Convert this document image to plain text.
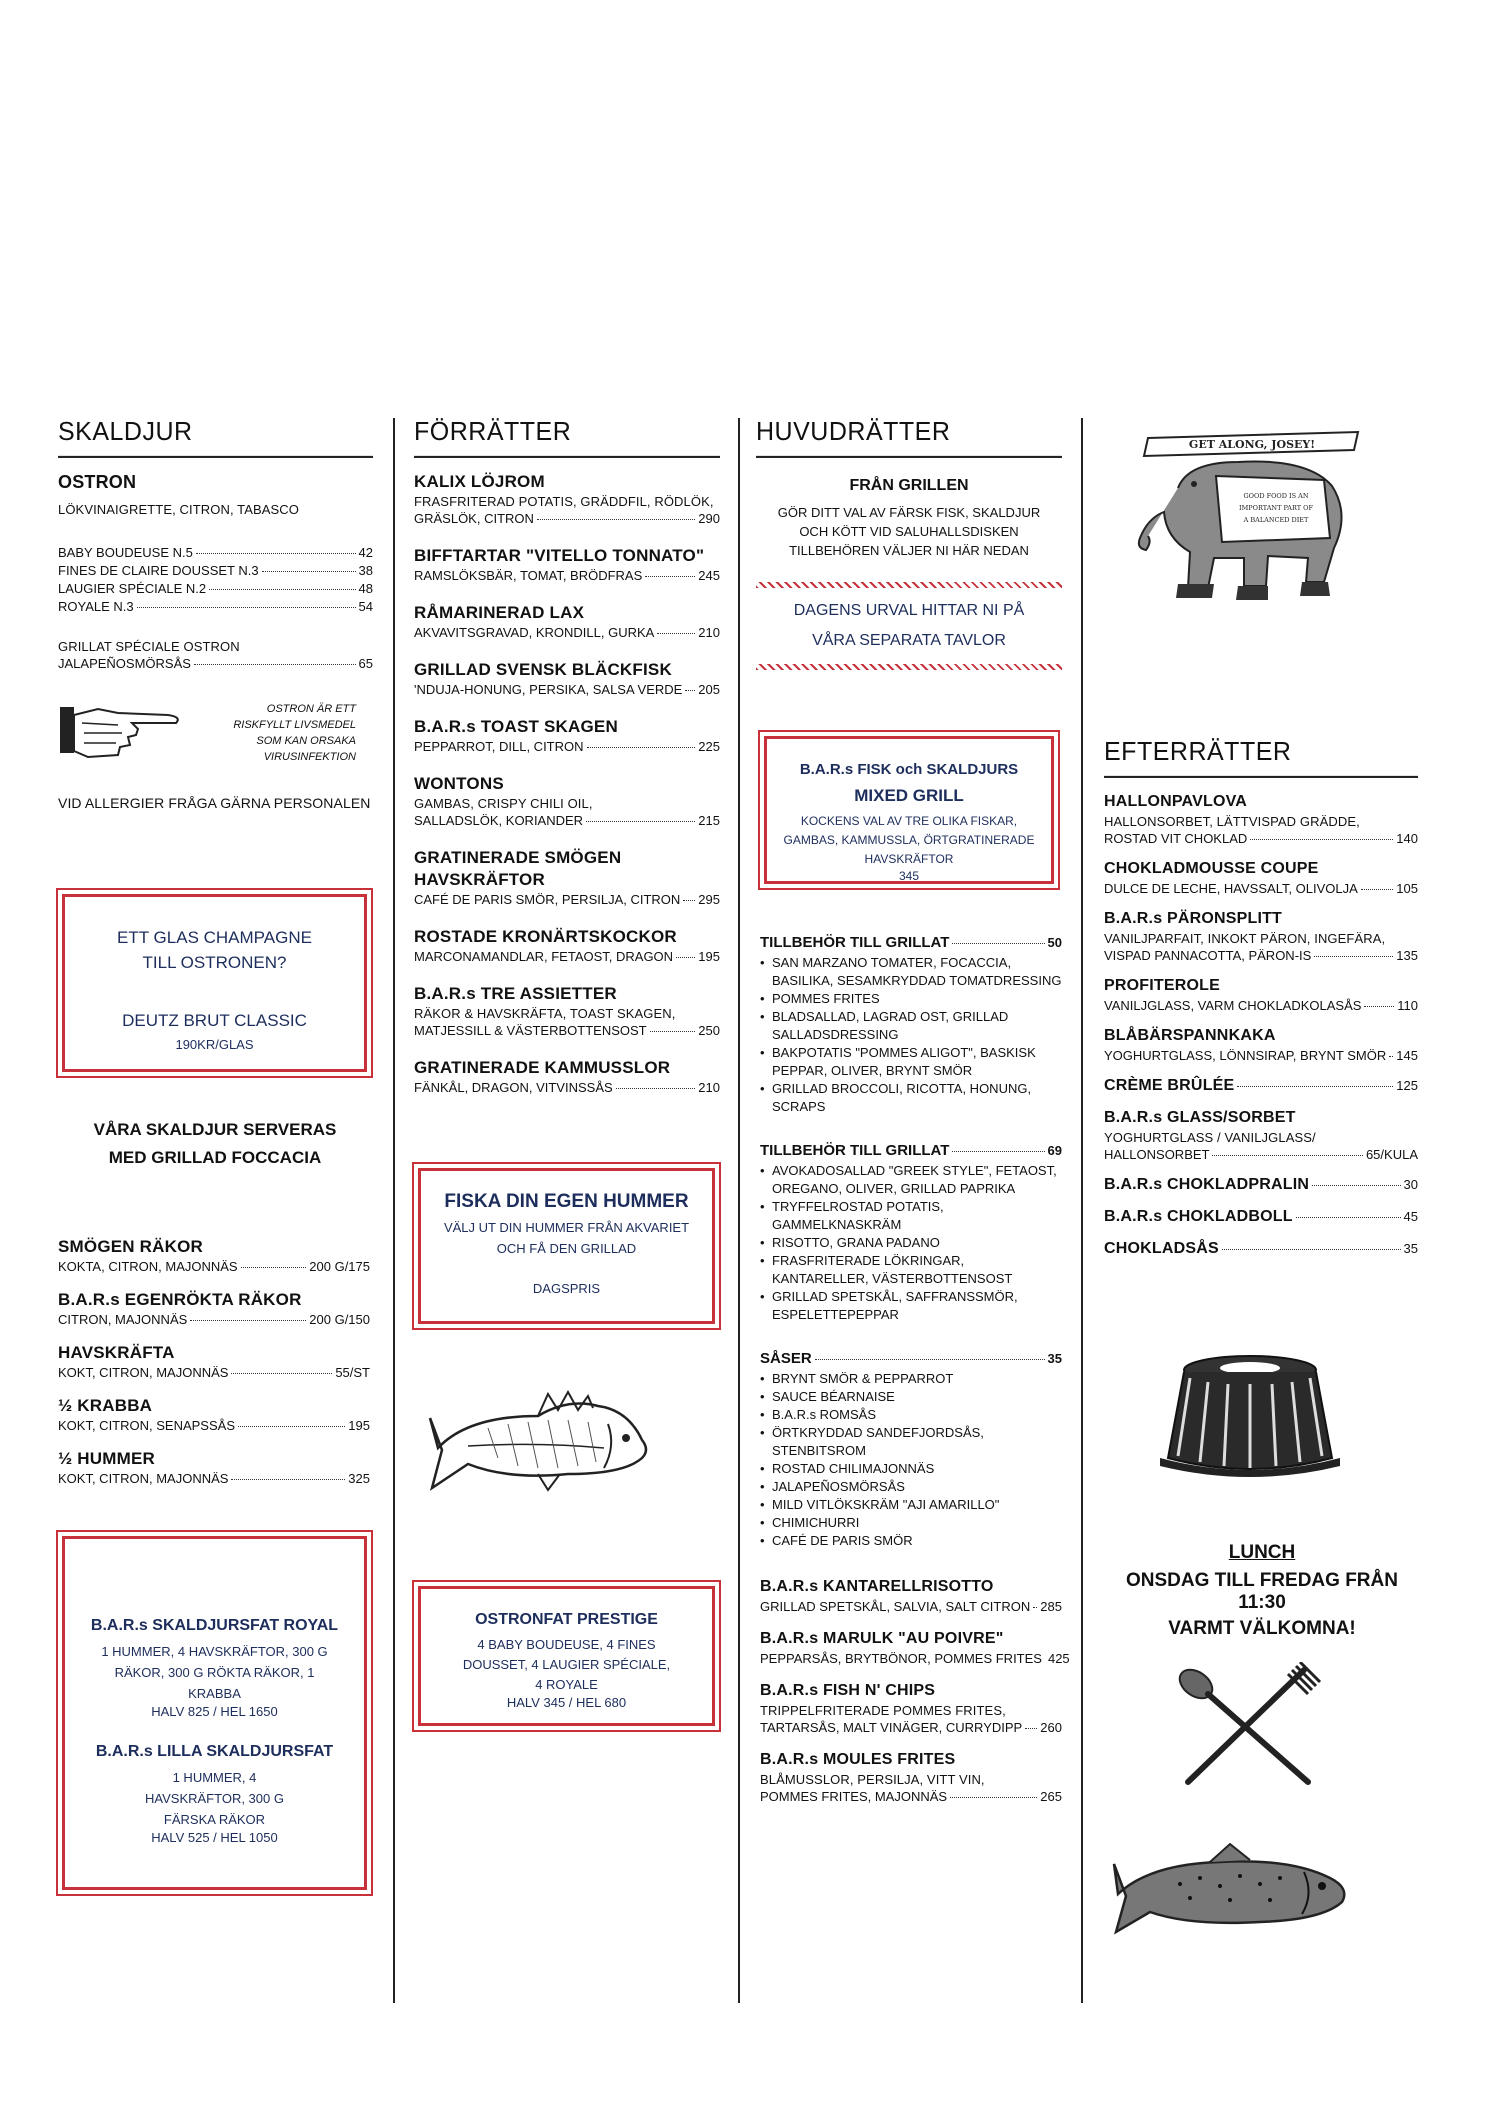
SKALDJUR
OSTRON
LÖKVINAIGRETTE, CITRON, TABASCO
BABY BOUDEUSE N.5	42
FINES DE CLAIRE DOUSSET N.3	38
LAUGIER SPÉCIALE N.2	48
ROYALE N.3	54
GRILLAT SPÉCIALE OSTRON
JALAPEÑOSMÖRSÅS	65
OSTRON ÄR ETT RISKFYLLT LIVSMEDEL SOM KAN ORSAKA VIRUSINFEKTION
VID ALLERGIER FRÅGA GÄRNA PERSONALEN
ETT GLAS CHAMPAGNE TILL OSTRONEN?
DEUTZ BRUT CLASSIC
190KR/GLAS
VÅRA SKALDJUR SERVERAS MED GRILLAD FOCCACIA
SMÖGEN RÄKOR
KOKTA, CITRON, MAJONNÄS	200 G/175
B.A.R.s EGENRÖKTA RÄKOR
CITRON, MAJONNÄS	200 G/150
HAVSKRÄFTA
KOKT, CITRON, MAJONNÄS	55/ST
½ KRABBA
KOKT, CITRON, SENAPSSÅS	195
½ HUMMER
KOKT, CITRON, MAJONNÄS	325
B.A.R.s SKALDJURSFAT ROYAL
1 HUMMER, 4 HAVSKRÄFTOR, 300 G RÄKOR, 300 G RÖKTA RÄKOR, 1 KRABBA
HALV 825 / HEL 1650
B.A.R.s LILLA SKALDJURSFAT
1 HUMMER, 4 HAVSKRÄFTOR, 300 G FÄRSKA RÄKOR
HALV 525 / HEL 1050
FÖRRÄTTER
KALIX LÖJROM
FRASFRITERAD POTATIS, GRÄDDFIL, RÖDLÖK,
GRÄSLÖK, CITRON	290
BIFFTARTAR "VITELLO TONNATO"
RAMSLÖKSBÄR, TOMAT, BRÖDFRAS	245
RÅMARINERAD LAX
AKVAVITSGRAVAD, KRONDILL, GURKA	210
GRILLAD SVENSK BLÄCKFISK
'NDUJA-HONUNG, PERSIKA, SALSA VERDE 205
B.A.R.s TOAST SKAGEN
PEPPARROT, DILL, CITRON	225
WONTONS
GAMBAS, CRISPY CHILI OIL,
SALLADSLÖK, KORIANDER	215
GRATINERADE SMÖGEN HAVSKRÄFTOR
CAFÉ DE PARIS SMÖR, PERSILJA, CITRON 295
ROSTADE KRONÄRTSKOCKOR
MARCONAMANDLAR, FETAOST, DRAGON 195
B.A.R.s TRE ASSIETTER
RÄKOR & HAVSKRÄFTA, TOAST SKAGEN,
MATJESSILL & VÄSTERBOTTENSOST	250
GRATINERADE KAMMUSSLOR
FÄNKÅL, DRAGON, VITVINSSÅS	210
FISKA DIN EGEN HUMMER
VÄLJ UT DIN HUMMER FRÅN AKVARIET OCH FÅ DEN GRILLAD
DAGSPRIS
OSTRONFAT PRESTIGE
4 BABY BOUDEUSE, 4 FINES DOUSSET, 4 LAUGIER SPÉCIALE, 4 ROYALE
HALV 345 / HEL 680
HUVUDRÄTTER
FRÅN GRILLEN
GÖR DITT VAL AV FÄRSK FISK, SKALDJUR OCH KÖTT VID SALUHALLSDISKEN TILLBEHÖREN VÄLJER NI HÄR NEDAN
DAGENS URVAL HITTAR NI PÅ VÅRA SEPARATA TAVLOR
B.A.R.s FISK och SKALDJURS
MIXED GRILL
KOCKENS VAL AV TRE OLIKA FISKAR, GAMBAS, KAMMUSSLA, ÖRTGRATINERADE HAVSKRÄFTOR
345
TILLBEHÖR TILL GRILLAT	50
• SAN MARZANO TOMATER, FOCACCIA, BASILIKA, SESAMKRYDDAD TOMATDRESSING
• POMMES FRITES
• BLADSALLAD, LAGRAD OST, GRILLAD SALLADSDRESSING
• BAKPOTATIS "POMMES ALIGOT", BASKISK PEPPAR, OLIVER, BRYNT SMÖR
• GRILLAD BROCCOLI, RICOTTA, HONUNG, SCRAPS
TILLBEHÖR TILL GRILLAT	69
• AVOKADOSALLAD "GREEK STYLE", FETAOST, OREGANO, OLIVER, GRILLAD PAPRIKA
• TRYFFELROSTAD POTATIS, GAMMELKNASKRÄM
• RISOTTO, GRANA PADANO
• FRASFRITERADE LÖKRINGAR, KANTARELLER, VÄSTERBOTTENSOST
• GRILLAD SPETSKÅL, SAFFRANSSMÖR, ESPELETTEPEPPAR
SÅSER	35
• BRYNT SMÖR & PEPPARROT
• SAUCE BÉARNAISE
• B.A.R.s ROMSÅS
• ÖRTKRYDDAD SANDEFJORDSÅS, STENBITSROM
• ROSTAD CHILIMAJONNÄS
• JALAPEÑOSMÖRSÅS
• MILD VITLÖKSKRÄM "AJI AMARILLO"
• CHIMICHURRI
• CAFÉ DE PARIS SMÖR
B.A.R.s KANTARELLRISOTTO
GRILLAD SPETSKÅL, SALVIA, SALT CITRON 285
B.A.R.s MARULK "AU POIVRE"
PEPPARSÅS, BRYTBÖNOR, POMMES FRITES 425
B.A.R.s FISH N' CHIPS
TRIPPELFRITERADE POMMES FRITES,
TARTARSÅS, MALT VINÄGER, CURRYDIPP 260
B.A.R.s MOULES FRITES
BLÅMUSSLOR, PERSILJA, VITT VIN,
POMMES FRITES, MAJONNÄS	265
GET ALONG, JOSEY!
GOOD FOOD IS AN
IMPORTANT PART OF
A BALANCED DIET
EFTERRÄTTER
HALLONPAVLOVA
HALLONSORBET, LÄTTVISPAD GRÄDDE,
ROSTAD VIT CHOKLAD	140
CHOKLADMOUSSE COUPE
DULCE DE LECHE, HAVSSALT, OLIVOLJA	105
B.A.R.s PÄRONSPLITT
VANILJPARFAIT, INKOKT PÄRON, INGEFÄRA,
VISPAD PANNACOTTA, PÄRON-IS	135
PROFITEROLE
VANILJGLASS, VARM CHOKLADKOLASÅS	110
BLÅBÄRSPANNKAKA
YOGHURTGLASS, LÖNNSIRAP, BRYNT SMÖR 145
CRÈME BRÛLÉE	125
B.A.R.s GLASS/SORBET
YOGHURTGLASS / VANILJGLASS/
HALLONSORBET	65/KULA
B.A.R.s CHOKLADPRALIN	30
B.A.R.s CHOKLADBOLL	45
CHOKLADSÅS	35
LUNCH
ONSDAG TILL FREDAG FRÅN 11:30
VARMT VÄLKOMNA!
